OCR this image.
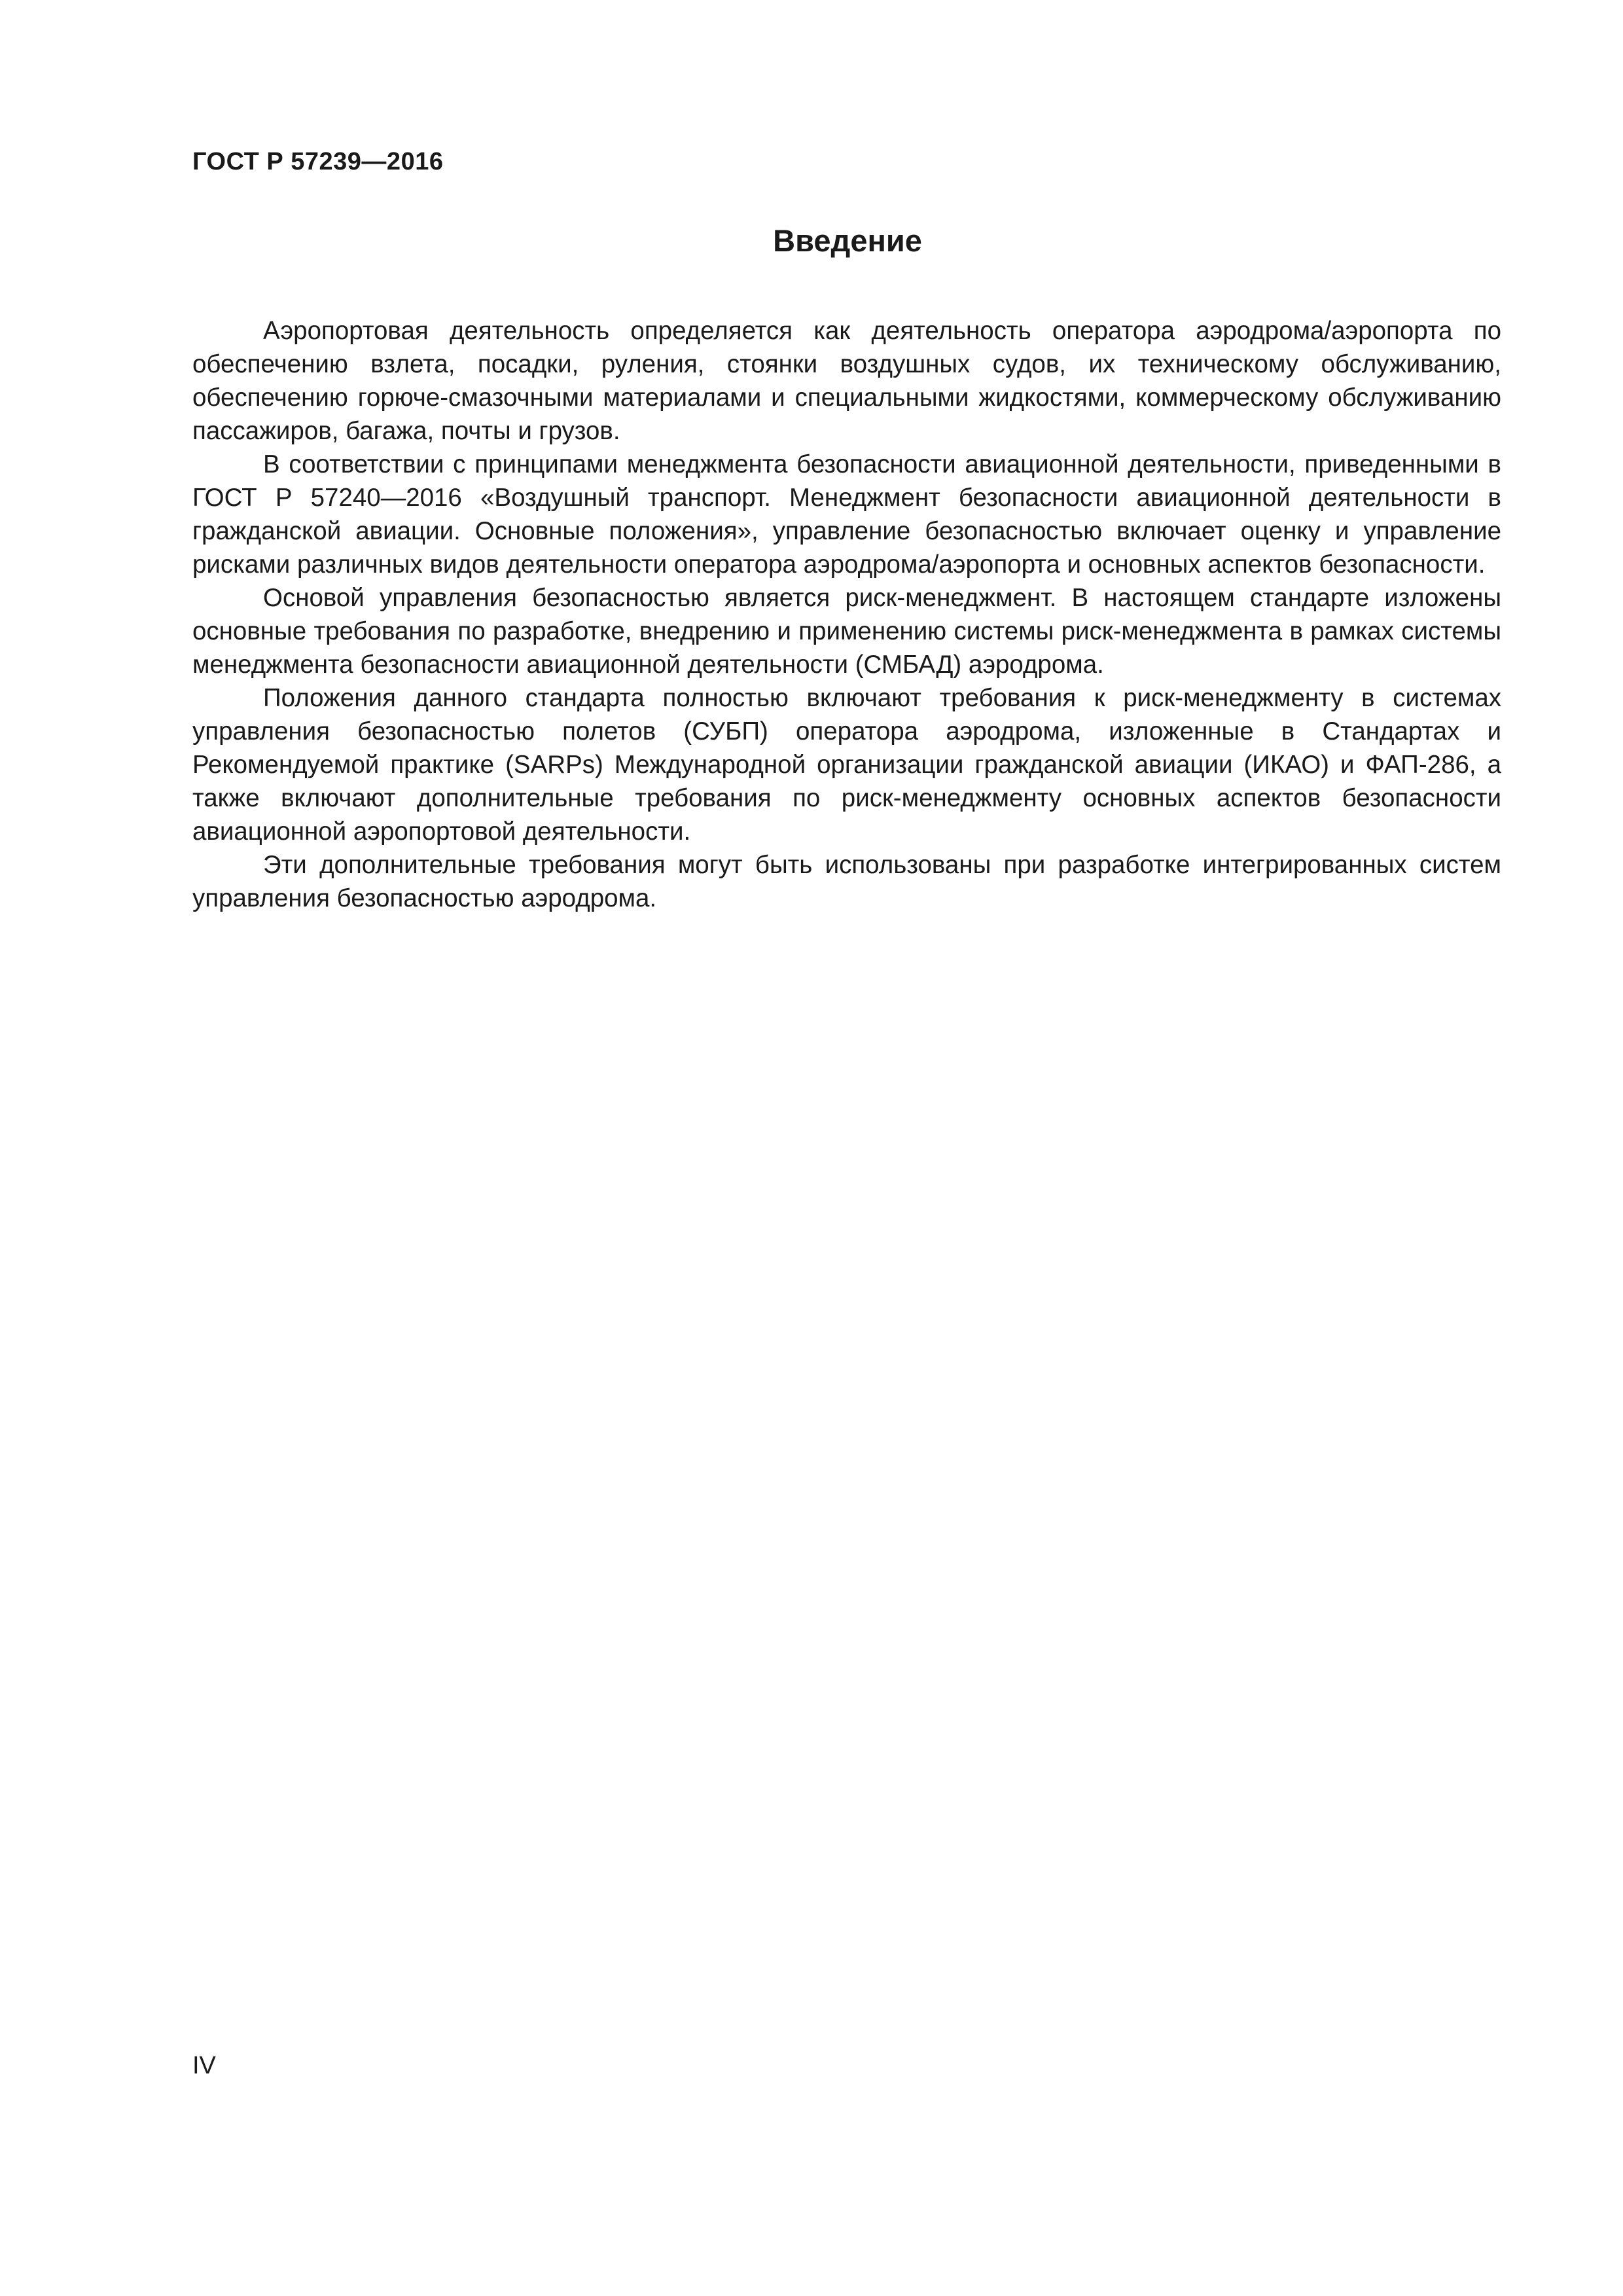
ГОСТ Р 57239—2016
Введение

Аэропортовая деятельность определяется как деятельность оператора аэродрома/аэропорта по обеспечению взлета, посадки, руления, стоянки воздушных судов, их техническому обслуживанию, обеспечению горюче-смазочными материалами и специальными жидкостями, коммерческому обслуживанию пассажиров, багажа, почты и грузов.

В соответствии с принципами менеджмента безопасности авиационной деятельности, приведенными в ГОСТ Р 57240—2016 «Воздушный транспорт. Менеджмент безопасности авиационной деятельности в гражданской авиации. Основные положения», управление безопасностью включает оценку и управление рисками различных видов деятельности оператора аэродрома/аэропорта и основных аспектов безопасности.

Основой управления безопасностью является риск-менеджмент. В настоящем стандарте изложены основные требования по разработке, внедрению и применению системы риск-менеджмента в рамках системы менеджмента безопасности авиационной деятельности (СМБАД) аэродрома.

Положения данного стандарта полностью включают требования к риск-менеджменту в системах управления безопасностью полетов (СУБП) оператора аэродрома, изложенные в Стандартах и Рекомендуемой практике (SARPs) Международной организации гражданской авиации (ИКАО) и ФАП-286, а также включают дополнительные требования по риск-менеджменту основных аспектов безопасности авиационной аэропортовой деятельности.

Эти дополнительные требования могут быть использованы при разработке интегрированных систем управления безопасностью аэродрома.

IV
